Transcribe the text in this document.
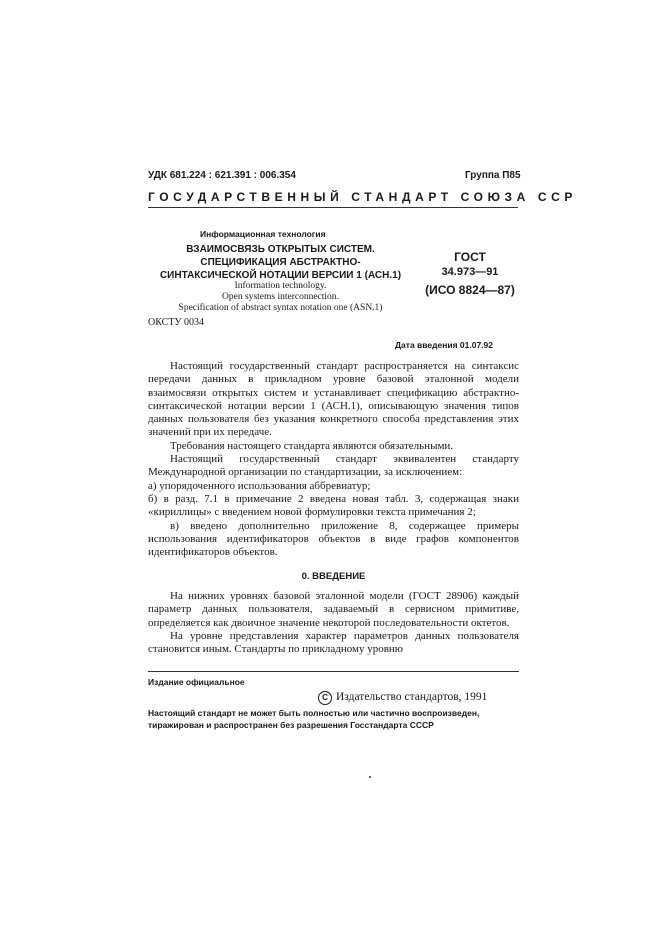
УДК 681.224 : 621.391 : 006.354	Группа П85
ГОСУДАРСТВЕННЫЙ СТАНДАРТ СОЮЗА ССР
Информационная технология
ВЗАИМОСВЯЗЬ ОТКРЫТЫХ СИСТЕМ.
СПЕЦИФИКАЦИЯ АБСТРАКТНО-
СИНТАКСИЧЕСКОЙ НОТАЦИИ ВЕРСИИ 1 (АСН.1)
ГОСТ
34.973—91
(ИСО 8824—87)
Information technology.
Open systems interconnection.
Specification of abstract syntax notation one (ASN.1)
ОКСТУ 0034
Дата введения 01.07.92

Настоящий государственный стандарт распространяется на синтаксис передачи данных в прикладном уровне базовой эталонной модели взаимосвязи открытых систем и устанавливает спецификацию абстрактно-синтаксической нотации версии 1 (АСН.1), описывающую значения типов данных пользователя без указания конкретного способа представления этих значений при их передаче.

Требования настоящего стандарта являются обязательными.

Настоящий государственный стандарт эквивалентен стандарту Международной организации по стандартизации, за исключением:

а) упорядоченного использования аббревиатур;

б) в разд. 7.1 в примечание 2 введена новая табл. 3, содержащая знаки «кириллицы» с введением новой формулировки текста примечания 2;

в) введено дополнительно приложение 8, содержащее примеры использования идентификаторов объектов в виде графов компонентов идентификаторов объектов.

0. ВВЕДЕНИЕ

На нижних уровнях базовой эталонной модели (ГОСТ 28906) каждый параметр данных пользователя, задаваемый в сервисном примитиве, определяется как двоичное значение некоторой последовательности октетов.

На уровне представления характер параметров данных пользователя становится иным. Стандарты по прикладному уровню

Издание официальное
C Издательство стандартов, 1991
Настоящий стандарт не может быть полностью или частично воспроизведен,
тиражирован и распространен без разрешения Госстандарта СССР
